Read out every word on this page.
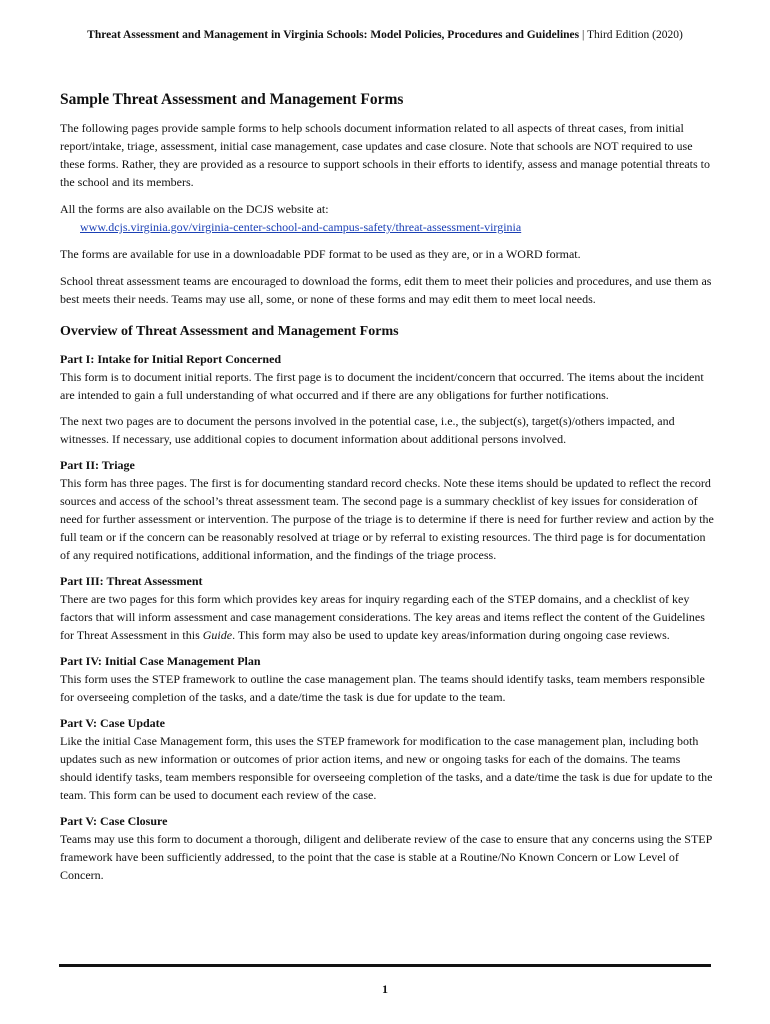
Threat Assessment and Management in Virginia Schools: Model Policies, Procedures and Guidelines | Third Edition (2020)
Sample Threat Assessment and Management Forms

The following pages provide sample forms to help schools document information related to all aspects of threat cases, from initial report/intake, triage, assessment, initial case management, case updates and case closure. Note that schools are NOT required to use these forms. Rather, they are provided as a resource to support schools in their efforts to identify, assess and manage potential threats to the school and its members.

All the forms are also available on the DCJS website at:
www.dcjs.virginia.gov/virginia-center-school-and-campus-safety/threat-assessment-virginia

The forms are available for use in a downloadable PDF format to be used as they are, or in a WORD format.

School threat assessment teams are encouraged to download the forms, edit them to meet their policies and procedures, and use them as best meets their needs. Teams may use all, some, or none of these forms and may edit them to meet local needs.

Overview of Threat Assessment and Management Forms
Part I: Intake for Initial Report Concerned

This form is to document initial reports. The first page is to document the incident/concern that occurred. The items about the incident are intended to gain a full understanding of what occurred and if there are any obligations for further notifications.

The next two pages are to document the persons involved in the potential case, i.e., the subject(s), target(s)/others impacted, and witnesses. If necessary, use additional copies to document information about additional persons involved.

Part II: Triage

This form has three pages. The first is for documenting standard record checks. Note these items should be updated to reflect the record sources and access of the school’s threat assessment team. The second page is a summary checklist of key issues for consideration of need for further assessment or intervention. The purpose of the triage is to determine if there is need for further review and action by the full team or if the concern can be reasonably resolved at triage or by referral to existing resources. The third page is for documentation of any required notifications, additional information, and the findings of the triage process.

Part III: Threat Assessment

There are two pages for this form which provides key areas for inquiry regarding each of the STEP domains, and a checklist of key factors that will inform assessment and case management considerations. The key areas and items reflect the content of the Guidelines for Threat Assessment in this Guide. This form may also be used to update key areas/information during ongoing case reviews.

Part IV: Initial Case Management Plan

This form uses the STEP framework to outline the case management plan. The teams should identify tasks, team members responsible for overseeing completion of the tasks, and a date/time the task is due for update to the team.

Part V: Case Update

Like the initial Case Management form, this uses the STEP framework for modification to the case management plan, including both updates such as new information or outcomes of prior action items, and new or ongoing tasks for each of the domains. The teams should identify tasks, team members responsible for overseeing completion of the tasks, and a date/time the task is due for update to the team. This form can be used to document each review of the case.

Part V: Case Closure

Teams may use this form to document a thorough, diligent and deliberate review of the case to ensure that any concerns using the STEP framework have been sufficiently addressed, to the point that the case is stable at a Routine/No Known Concern or Low Level of Concern.

1
